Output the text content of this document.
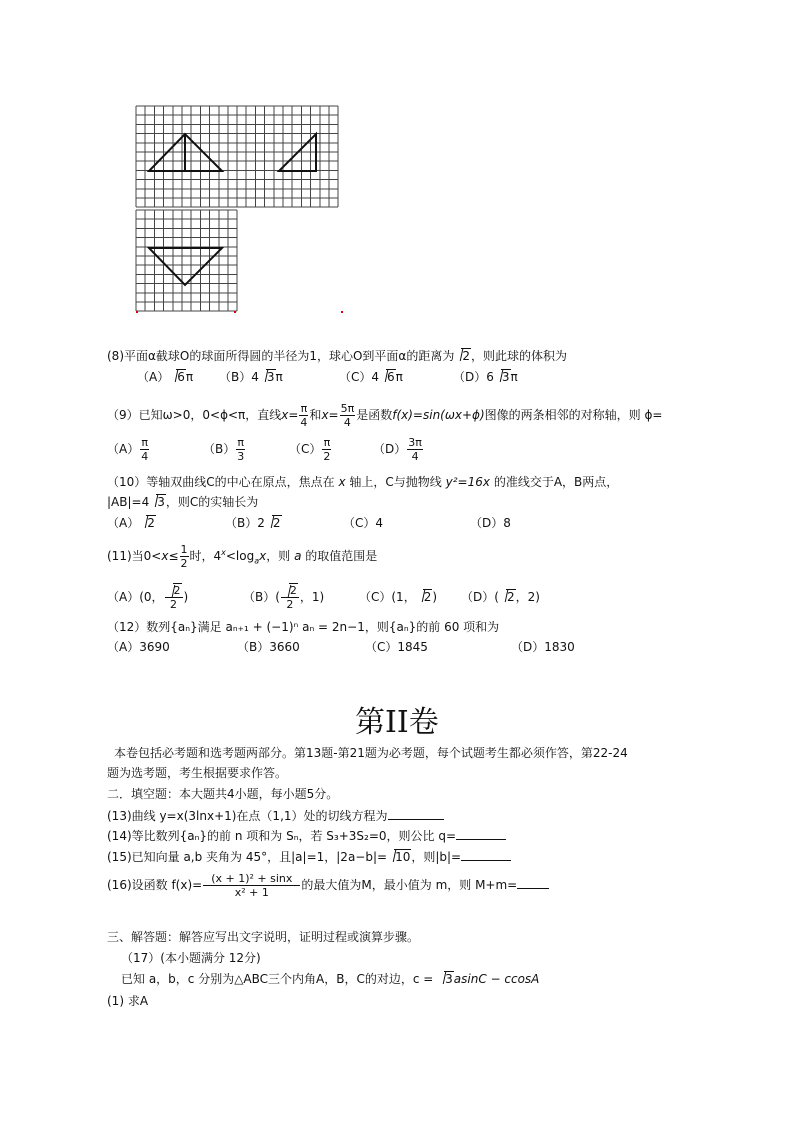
(8)平面α截球O的球面所得圆的半径为1，球心O到平面α的距离为 2，则此球的体积为
（A） 6π （B）4 3π	（C）4 6π	（D）6 3π
（9）已知ω>0，0<ϕ<π，直线$x= \frac{\pi}{4}$ 和$x= \frac{5\pi}{4}$ 是函数f(x)=sin(ωx+ϕ)图像的两条相邻的对称轴，则 ϕ=
$(A) \frac{\pi}{4}$	$(B) \frac{\pi}{3}$	$(C) \frac{\pi}{2}$	$(D) \frac{3\pi}{4}$
（10）等轴双曲线C的中心在原点，焦点在 x 轴上，C与抛物线 y²=16x 的准线交于A，B两点，
|AB|=4 3，则C的实轴长为
（A） 2	（B）2 2	（C）4	（D）8
(11)当$0<x\le \frac{1}{2}$ 时，$4^x<\log_ax$，则 a 的取值范围是
（A）(0， $\frac{2}{2}$ )	$(B)( \frac{2}{2}$ ，1)	（C）(1， 2) （D）( 2，2)
（12）数列{aₙ}满足 aₙ₊₁ + (−1)ⁿ aₙ = 2n−1，则{aₙ}的前 60 项和为
（A）3690	（B）3660	（C）1845	（D）1830
第II卷
本卷包括必考题和选考题两部分。第13题-第21题为必考题，每个试题考生都必须作答，第22-24
题为选考题，考生根据要求作答。
二．填空题：本大题共4小题，每小题5分。
(13)曲线 y=x(3lnx+1)在点（1,1）处的切线方程为
(14)等比数列{aₙ}的前 n 项和为 Sₙ，若 S₃+3S₂=0，则公比 q=
(15)已知向量 a,b 夹角为 45°，且|a|=1，|2a−b|= 10，则|b|=
(16)设函数 $f(x)= \frac{\text{(x + 1)² + sinx}}{\text{x² + 1}}$ 的最大值为M，最小值为 m，则 M+m=
三、解答题：解答应写出文字说明，证明过程或演算步骤。
（17）(本小题满分 12分)
已知 a，b，c 分别为△ABC三个内角A，B，C的对边，c = 3asinC − ccosA
(1) 求A
